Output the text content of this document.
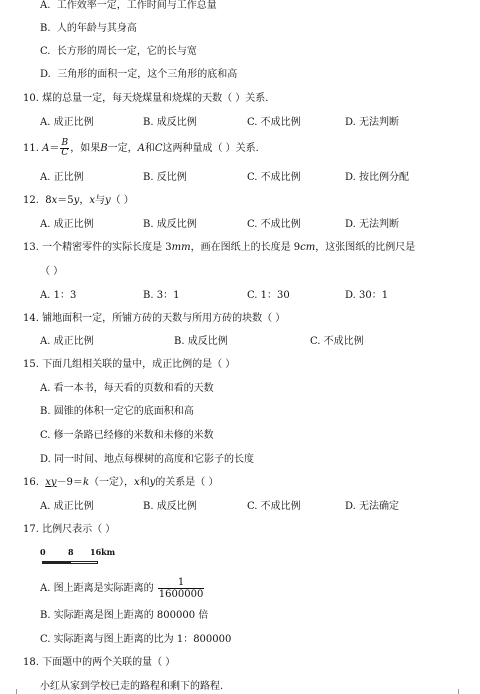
A. 工作效率一定，工作时间与工作总量
B. 人的年龄与其身高
C. 长方形的周长一定，它的长与宽
D. 三角形的面积一定，这个三角形的底和高
10. 煤的总量一定，每天烧煤量和烧煤的天数（ ）关系．
A. 成正比例	B. 成反比例	C. 不成比例	D. 无法判断
11. $A= \frac{B}{C}$ ，如果B一定，A和C这两种量成（ ）关系．
A. 正比例	B. 反比例	C. 不成比例	D. 按比例分配
12. 8x＝5y，x与y（ ）
A. 成正比例	B. 成反比例	C. 不成比例	D. 无法判断
13. 一个精密零件的实际长度是 3mm，画在图纸上的长度是 9cm，这张图纸的比例尺是
（ ）
A. 1：3	B. 3：1	C. 1：30	D. 30：1
14. 铺地面积一定，所铺方砖的天数与所用方砖的块数（ ）
A. 成正比例	B. 成反比例	C. 不成比例
15. 下面几组相关联的量中，成正比例的是（ ）
A. 看一本书，每天看的页数和看的天数
B. 圆锥的体积一定它的底面积和高
C. 修一条路已经修的米数和未修的米数
D. 同一时间、地点每棵树的高度和它影子的长度
16. xy－9＝k（一定），x和y的关系是（ ）
A. 成正比例	B. 成反比例	C. 不成比例	D. 无法确定
17. 比例尺表示（ ）
0	8 16km
A. 图上距离是实际距离的 $\frac{1}{1600000}$
B. 实际距离是图上距离的 800000 倍
C. 实际距离与图上距离的比为 1：800000
18. 下面题中的两个关联的量（ ）
小红从家到学校已走的路程和剩下的路程.
